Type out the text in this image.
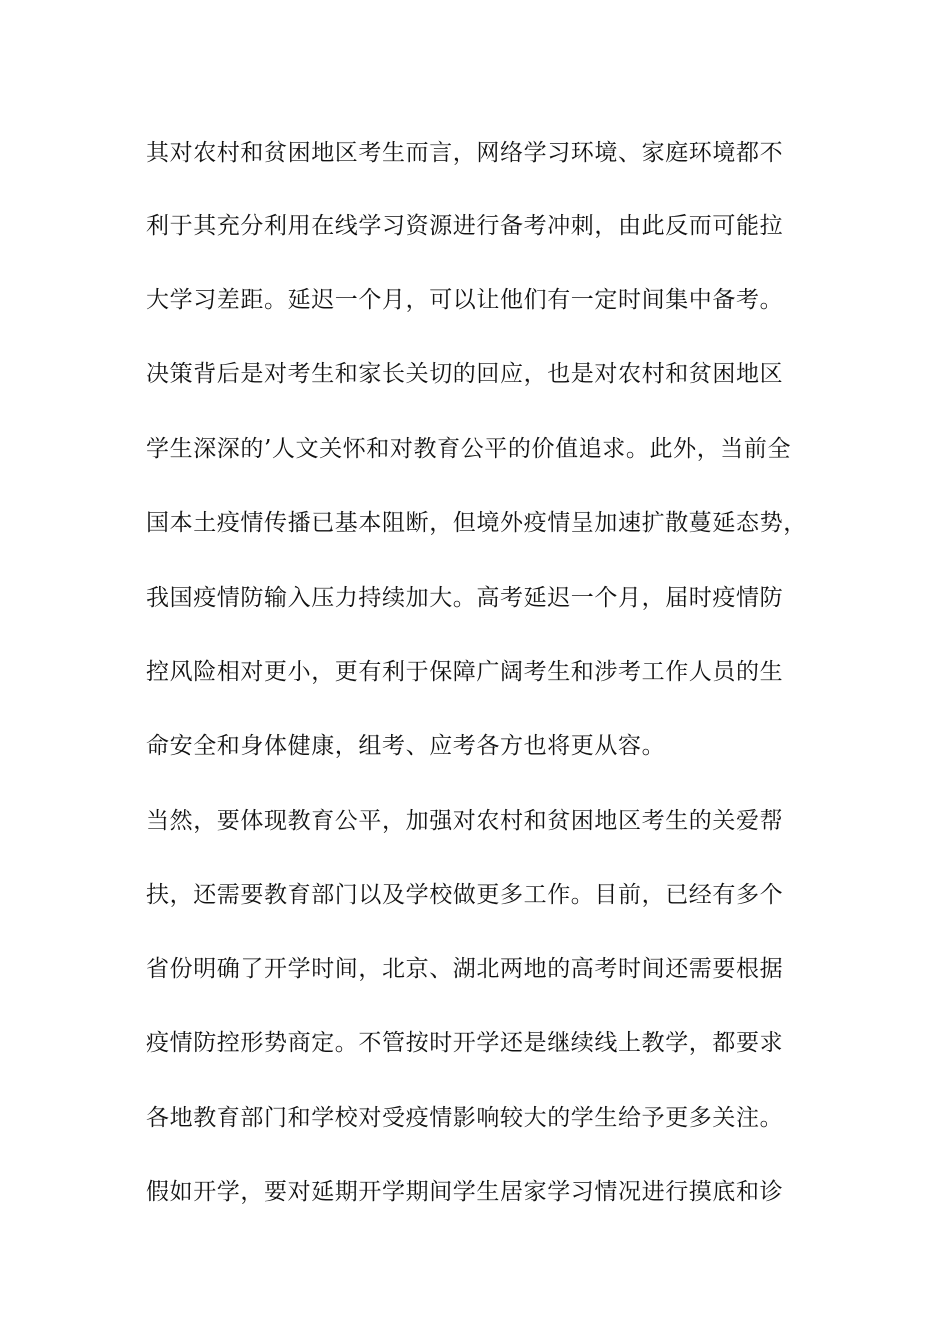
其对农村和贫困地区考生而言，网络学习环境、家庭环境都不
利于其充分利用在线学习资源进行备考冲刺，由此反而可能拉
大学习差距。延迟一个月，可以让他们有一定时间集中备考。
决策背后是对考生和家长关切的回应，也是对农村和贫困地区
学生深深的’人文关怀和对教育公平的价值追求。此外，当前全
国本土疫情传播已基本阻断，但境外疫情呈加速扩散蔓延态势，
我国疫情防输入压力持续加大。高考延迟一个月，届时疫情防
控风险相对更小，更有利于保障广阔考生和涉考工作人员的生
命安全和身体健康，组考、应考各方也将更从容。
当然，要体现教育公平，加强对农村和贫困地区考生的关爱帮
扶，还需要教育部门以及学校做更多工作。目前，已经有多个
省份明确了开学时间，北京、湖北两地的高考时间还需要根据
疫情防控形势商定。不管按时开学还是继续线上教学，都要求
各地教育部门和学校对受疫情影响较大的学生给予更多关注。
假如开学，要对延期开学期间学生居家学习情况进行摸底和诊
